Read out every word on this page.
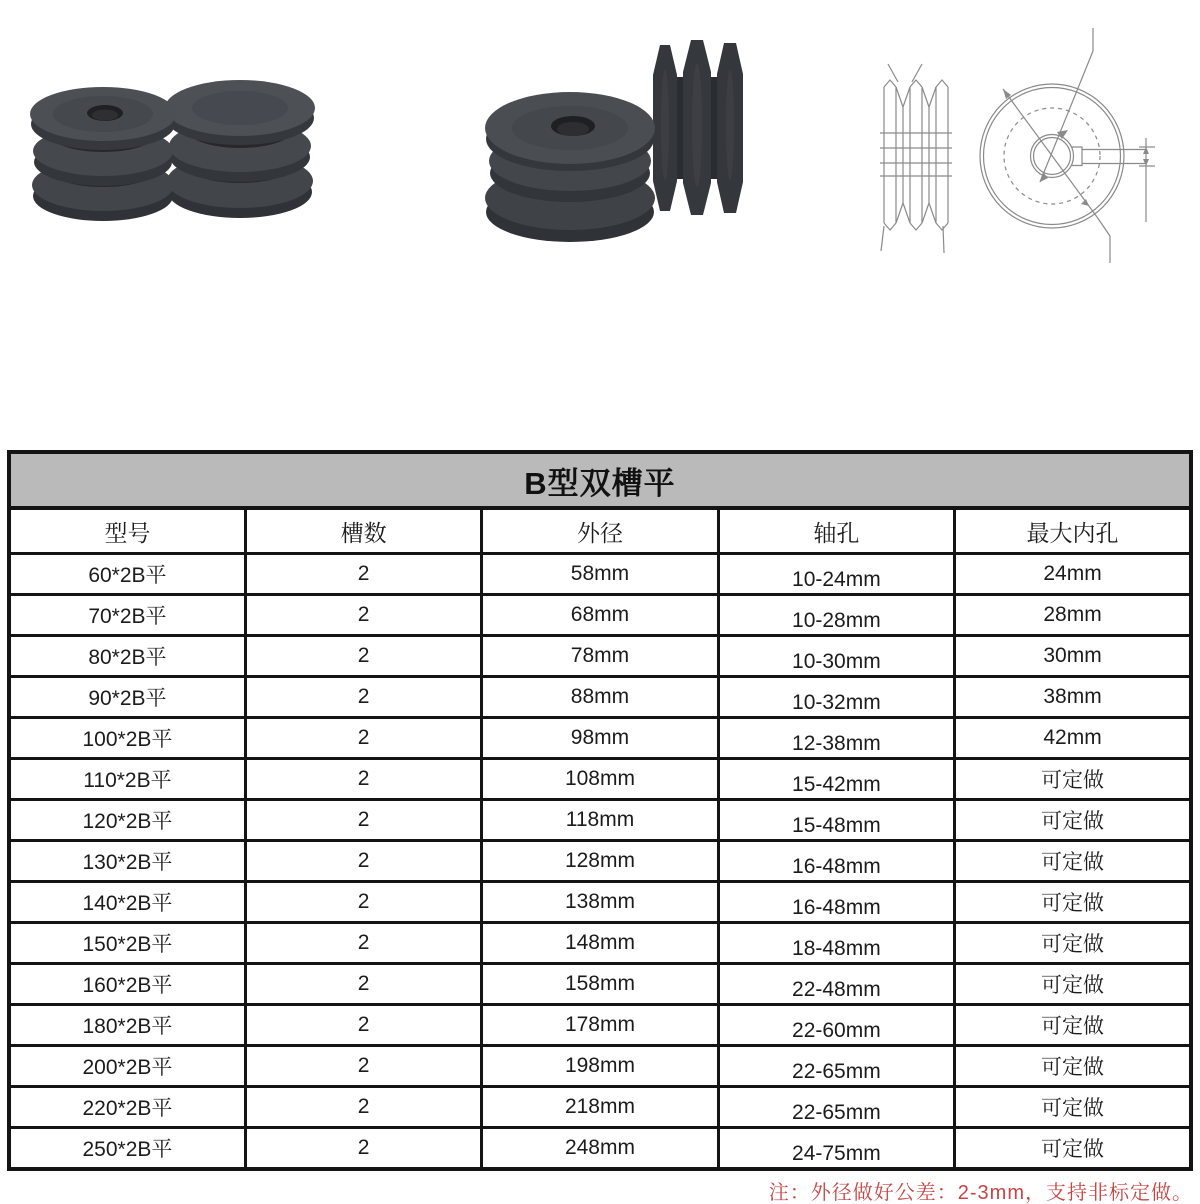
B型双槽平				
型号	槽数	外径	轴孔	最大内孔
60*2B平	2	58mm	10-24mm	24mm
70*2B平	2	68mm	10-28mm	28mm
80*2B平	2	78mm	10-30mm	30mm
90*2B平	2	88mm	10-32mm	38mm
100*2B平	2	98mm	12-38mm	42mm
110*2B平	2	108mm	15-42mm	可定做
120*2B平	2	118mm	15-48mm	可定做
130*2B平	2	128mm	16-48mm	可定做
140*2B平	2	138mm	16-48mm	可定做
150*2B平	2	148mm	18-48mm	可定做
160*2B平	2	158mm	22-48mm	可定做
180*2B平	2	178mm	22-60mm	可定做
200*2B平	2	198mm	22-65mm	可定做
220*2B平	2	218mm	22-65mm	可定做
250*2B平	2	248mm	24-75mm	可定做
注：外径做好公差：2-3mm，支持非标定做。
